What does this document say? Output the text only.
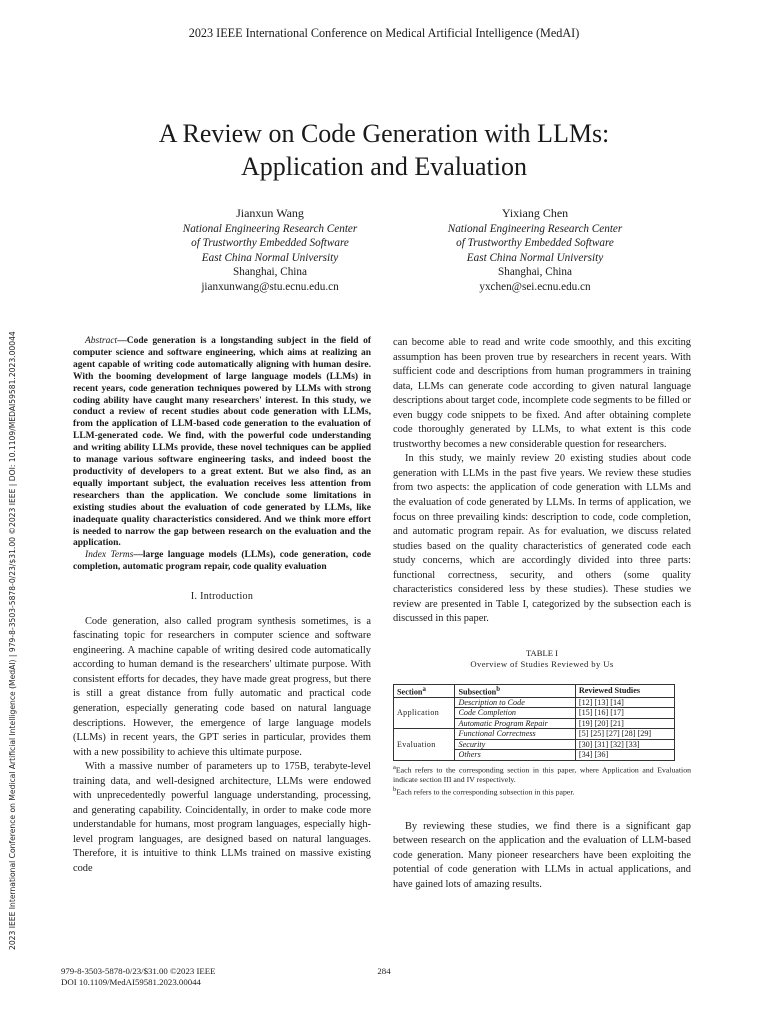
2023 IEEE International Conference on Medical Artificial Intelligence (MedAI)
2023 IEEE International Conference on Medical Artificial Intelligence (MedAI) | 979-8-3503-5878-0/23/$31.00 ©2023 IEEE | DOI: 10.1109/MEDAI59581.2023.00044
A Review on Code Generation with LLMs:
Application and Evaluation
Jianxun Wang
National Engineering Research Center
of Trustworthy Embedded Software
East China Normal University
Shanghai, China
jianxunwang@stu.ecnu.edu.cn
Yixiang Chen
National Engineering Research Center
of Trustworthy Embedded Software
East China Normal University
Shanghai, China
yxchen@sei.ecnu.edu.cn

Abstract—Code generation is a longstanding subject in the field of computer science and software engineering, which aims at realizing an agent capable of writing code automatically aligning with human desire. With the booming development of large language models (LLMs) in recent years, code generation techniques powered by LLMs with strong coding ability have caught many researchers' interest. In this study, we conduct a review of recent studies about code generation with LLMs, from the application of LLM-based code generation to the evaluation of LLM-generated code. We find, with the powerful code understanding and writing ability LLMs provide, these novel techniques can be applied to manage various software engineering tasks, and indeed boost the productivity of developers to a great extent. But we also find, as an equally important subject, the evaluation receives less attention from researchers than the application. We conclude some limitations in existing studies about the evaluation of code generated by LLMs, like inadequate quality characteristics considered. And we think more effort is needed to narrow the gap between research on the evaluation and the application.

Index Terms—large language models (LLMs), code generation, code completion, automatic program repair, code quality evaluation

I. Introduction

Code generation, also called program synthesis sometimes, is a fascinating topic for researchers in computer science and software engineering. A machine capable of writing desired code automatically according to human demand is the researchers' ultimate purpose. With consistent efforts for decades, they have made great progress, but there is still a great distance from fully automatic and practical code generation, especially generating code based on natural language descriptions. However, the emergence of large language models (LLMs) in recent years, the GPT series in particular, provides them with a new possibility to achieve this ultimate purpose.

With a massive number of parameters up to 175B, terabyte-level training data, and well-designed architecture, LLMs were endowed with unprecedentedly powerful language understanding, processing, and generating capability. Coincidentally, in order to make code more understandable for humans, most program languages, especially high-level program languages, are designed based on natural languages. Therefore, it is intuitive to think LLMs trained on massive existing code

can become able to read and write code smoothly, and this exciting assumption has been proven true by researchers in recent years. With sufficient code and descriptions from human programmers in training data, LLMs can generate code according to given natural language descriptions about target code, incomplete code segments to be filled or even buggy code snippets to be fixed. And after obtaining complete code thoroughly generated by LLMs, to what extent is this code trustworthy becomes a new considerable question for researchers.

In this study, we mainly review 20 existing studies about code generation with LLMs in the past five years. We review these studies from two aspects: the application of code generation with LLMs and the evaluation of code generated by LLMs. In terms of application, we focus on three prevailing kinds: description to code, code completion, and automatic program repair. As for evaluation, we discuss related studies based on the quality characteristics of generated code each study concerns, which are accordingly divided into three parts: functional correctness, security, and others (some quality characteristics considered less by these studies). These studies we review are presented in Table I, categorized by the subsection each is discussed in this paper.

TABLE I
Overview of Studies Reviewed by Us
Section$^a$	Subsection$^b$	Reviewed Studies
Application	Description to Code	[12] [13] [14]
	Code Completion	[15] [16] [17]
	Automatic Program Repair	[19] [20] [21]
Evaluation	Functional Correctness	[5] [25] [27] [28] [29]
	Security	[30] [31] [32] [33]
	Others	[34] [36]

$^a$Each refers to the corresponding section in this paper, where Application and Evaluation indicate section III and IV respectively.

$^b$Each refers to the corresponding subsection in this paper.

By reviewing these studies, we find there is a significant gap between research on the application and the evaluation of LLM-based code generation. Many pioneer researchers have been exploiting the potential of code generation with LLMs in actual applications, and have gained lots of amazing results.

979-8-3503-5878-0/23/$31.00 ©2023 IEEE
DOI 10.1109/MedAI59581.2023.00044
284
